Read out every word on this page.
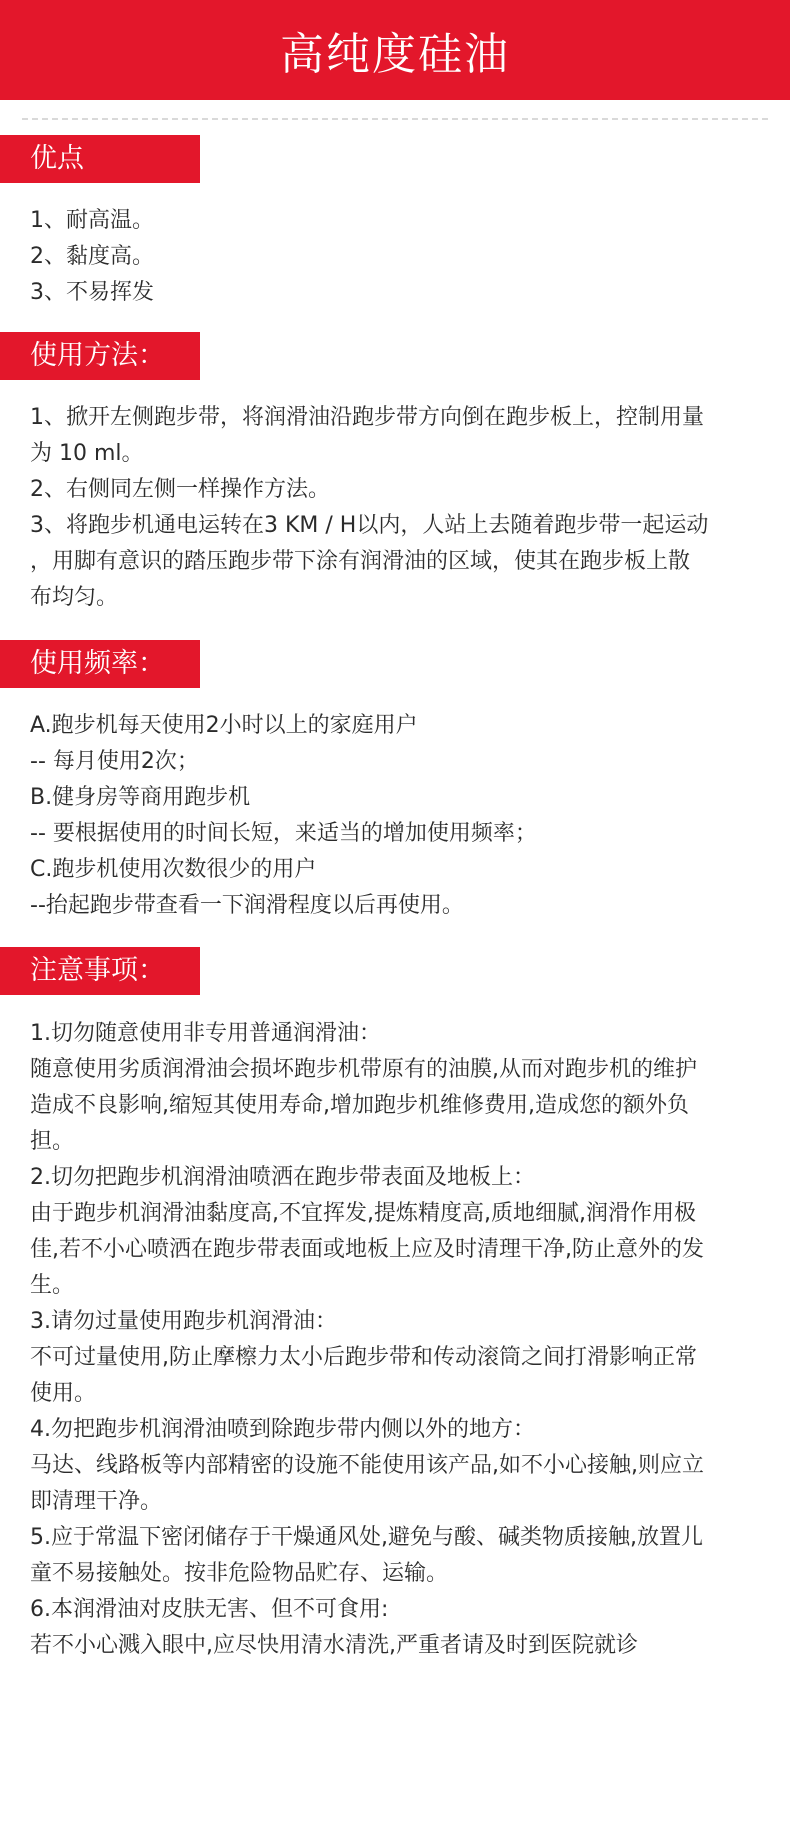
高纯度硅油
优点
1、耐高温。
2、黏度高。
3、不易挥发
使用方法：
1、掀开左侧跑步带，将润滑油沿跑步带方向倒在跑步板上，控制用量
为 10 ml。
2、右侧同左侧一样操作方法。
3、将跑步机通电运转在3 KM / H以内，人站上去随着跑步带一起运动
，用脚有意识的踏压跑步带下涂有润滑油的区域，使其在跑步板上散
布均匀。
使用频率：
A.跑步机每天使用2小时以上的家庭用户
-- 每月使用2次；
B.健身房等商用跑步机
-- 要根据使用的时间长短，来适当的增加使用频率；
C.跑步机使用次数很少的用户
--抬起跑步带查看一下润滑程度以后再使用。
注意事项：
1.切勿随意使用非专用普通润滑油：
随意使用劣质润滑油会损坏跑步机带原有的油膜,从而对跑步机的维护
造成不良影响,缩短其使用寿命,增加跑步机维修费用,造成您的额外负
担。
2.切勿把跑步机润滑油喷洒在跑步带表面及地板上：
由于跑步机润滑油黏度高,不宜挥发,提炼精度高,质地细腻,润滑作用极
佳,若不小心喷洒在跑步带表面或地板上应及时清理干净,防止意外的发
生。
3.请勿过量使用跑步机润滑油：
不可过量使用,防止摩檫力太小后跑步带和传动滚筒之间打滑影响正常
使用。
4.勿把跑步机润滑油喷到除跑步带内侧以外的地方：
马达、线路板等内部精密的设施不能使用该产品,如不小心接触,则应立
即清理干净。
5.应于常温下密闭储存于干燥通风处,避免与酸、碱类物质接触,放置儿
童不易接触处。按非危险物品贮存、运输。
6.本润滑油对皮肤无害、但不可食用:
若不小心溅入眼中,应尽快用清水清洗,严重者请及时到医院就诊
